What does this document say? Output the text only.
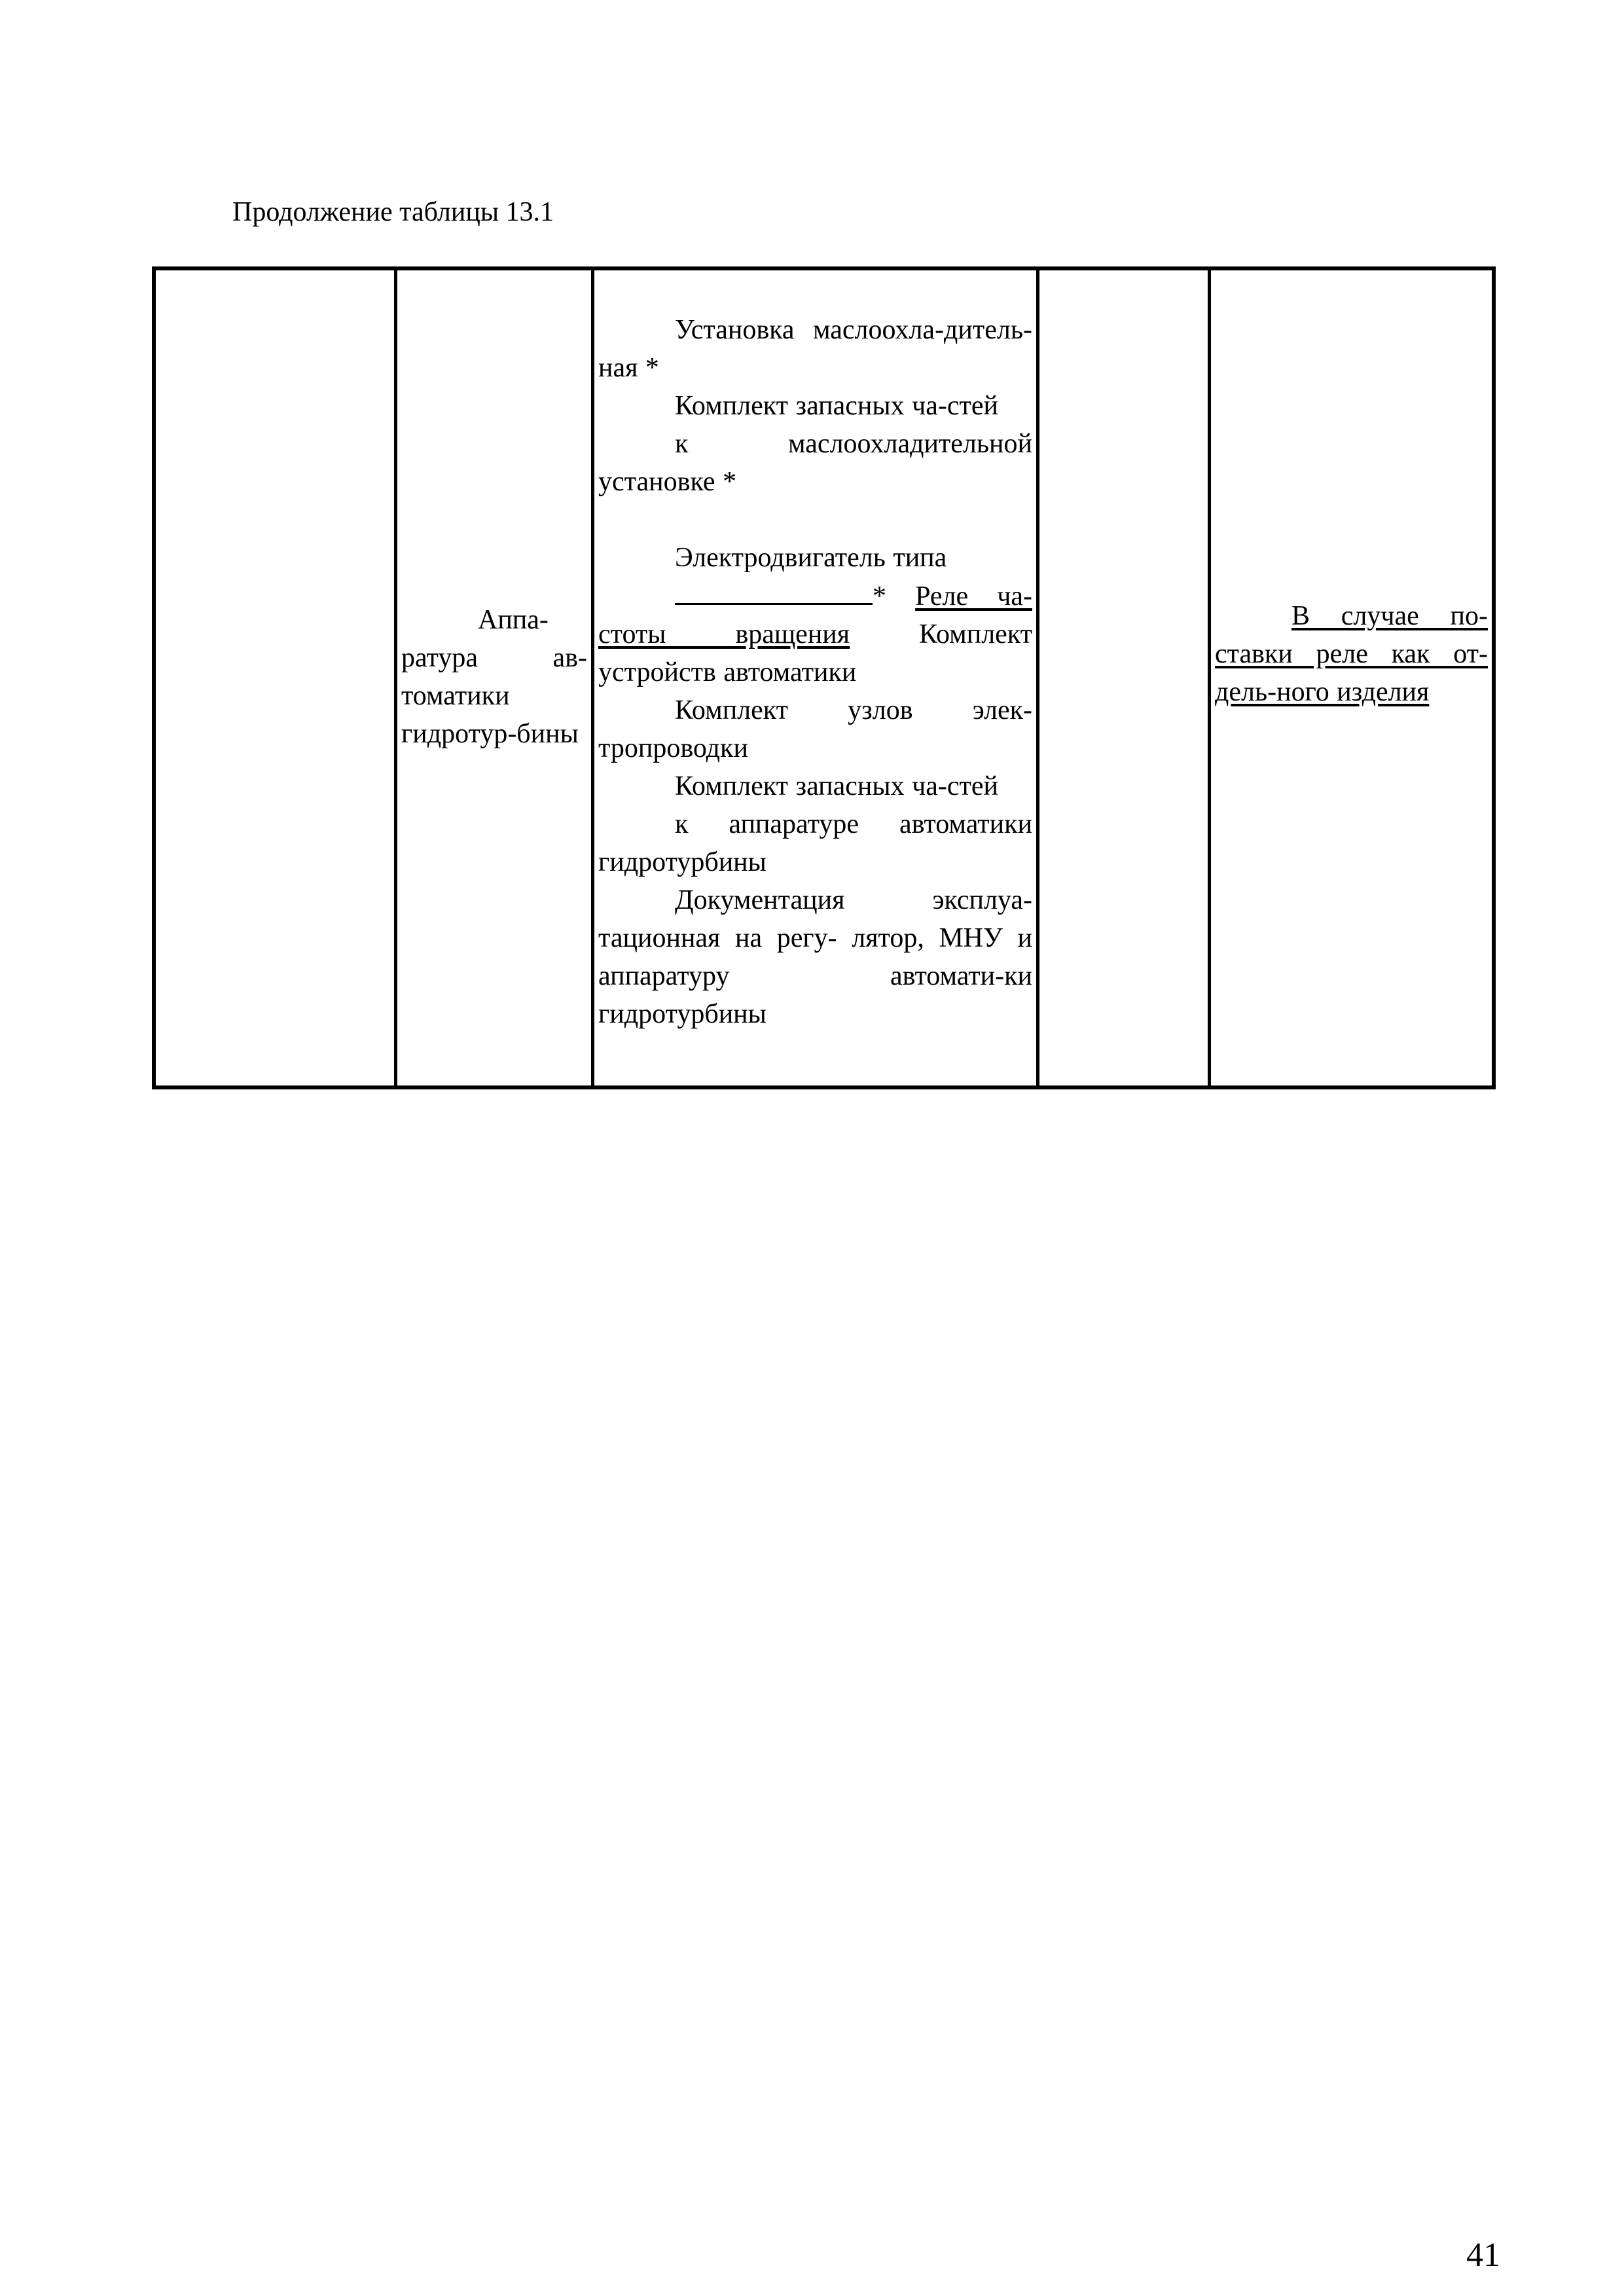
Продолжение таблицы 13.1
Аппа-ратура ав-томатики гидротур-бины
Установка маслоохла-дитель- ная *
Комплект запасных ча-стей
к маслоохладительной установке *
Электродвигатель типа
* Реле ча-стоты вращения	Комплект устройств автоматики
Комплект узлов элек-тропроводки
Комплект запасных ча-стей
к аппаратуре автоматики гидротурбины
Документация эксплуа-тационная на регу- лятор, МНУ и аппаратуру автомати-ки гидротурбины
В случае по-ставки реле как от-дель-ного изделия
41
